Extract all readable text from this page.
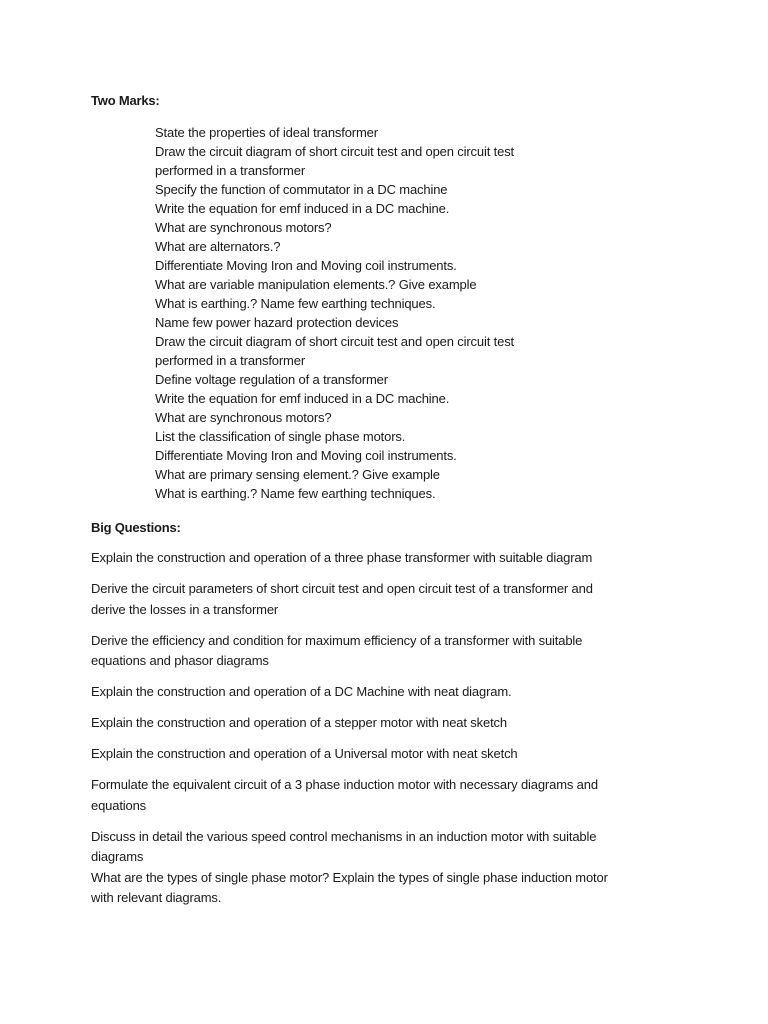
Two Marks:
State the properties of ideal transformer
Draw the circuit diagram of short circuit test and open circuit test
performed in a transformer
Specify the function of commutator in a DC machine
Write the equation for emf induced in a DC machine.
What are synchronous motors?
What are alternators.?
Differentiate Moving Iron and Moving coil instruments.
What are variable manipulation elements.? Give example
What is earthing.? Name few earthing techniques.
Name few power hazard protection devices
Draw the circuit diagram of short circuit test and open circuit test
performed in a transformer
Define voltage regulation of a transformer
Write the equation for emf induced in a DC machine.
What are synchronous motors?
List the classification of single phase motors.
Differentiate Moving Iron and Moving coil instruments.
What are primary sensing element.? Give example
What is earthing.? Name few earthing techniques.
Big Questions:
Explain the construction and operation of a three phase transformer with suitable diagram
Derive the circuit parameters of short circuit test and open circuit test of a transformer and
derive the losses in a transformer
Derive the efficiency and condition for maximum efficiency of a transformer with suitable
equations and phasor diagrams
Explain the construction and operation of a DC Machine with neat diagram.
Explain the construction and operation of a stepper motor with neat sketch
Explain the construction and operation of a Universal motor with neat sketch
Formulate the equivalent circuit of a 3 phase induction motor with necessary diagrams and
equations
Discuss in detail the various speed control mechanisms in an induction motor with suitable
diagrams
What are the types of single phase motor? Explain the types of single phase induction motor
with relevant diagrams.
